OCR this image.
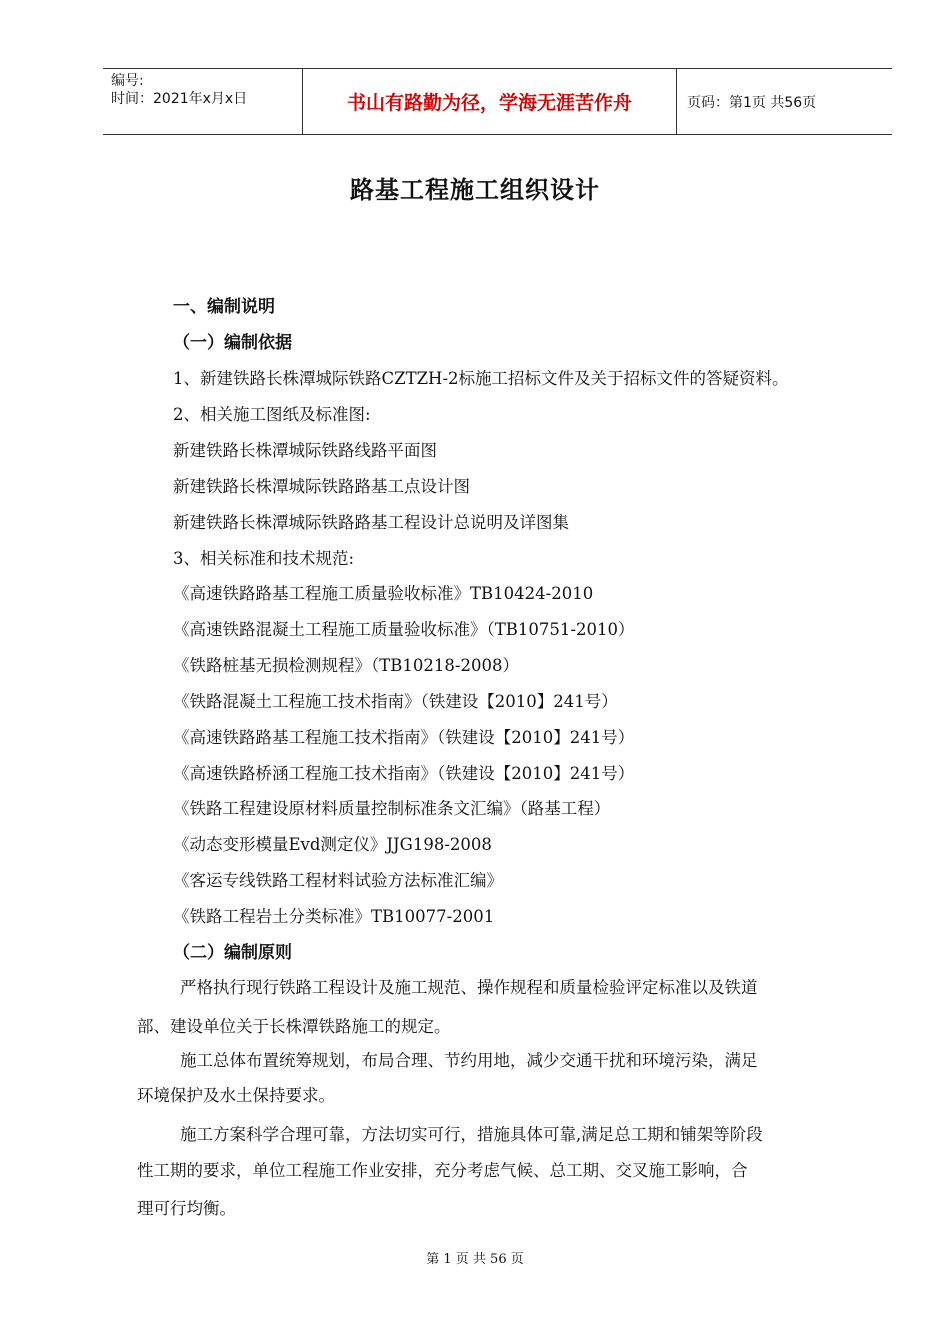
编号:
时间：2021年x月x日	书山有路勤为径，学海无涯苦作舟	页码：第1页 共56页
路基工程施工组织设计
一、编制说明
（一）编制依据
1、新建铁路长株潭城际铁路CZTZH-2标施工招标文件及关于招标文件的答疑资料。
2、相关施工图纸及标准图:
新建铁路长株潭城际铁路线路平面图
新建铁路长株潭城际铁路路基工点设计图
新建铁路长株潭城际铁路路基工程设计总说明及详图集
3、相关标准和技术规范:
《高速铁路路基工程施工质量验收标准》TB10424-2010
《高速铁路混凝土工程施工质量验收标准》（TB10751-2010）
《铁路桩基无损检测规程》（TB10218-2008）
《铁路混凝土工程施工技术指南》（铁建设【2010】241号）
《高速铁路路基工程施工技术指南》（铁建设【2010】241号）
《高速铁路桥涵工程施工技术指南》（铁建设【2010】241号）
《铁路工程建设原材料质量控制标准条文汇编》（路基工程）
《动态变形模量Evd测定仪》JJG198-2008
《客运专线铁路工程材料试验方法标准汇编》
《铁路工程岩土分类标准》TB10077-2001
（二）编制原则
严格执行现行铁路工程设计及施工规范、操作规程和质量检验评定标准以及铁道
部、建设单位关于长株潭铁路施工的规定。
施工总体布置统筹规划，布局合理、节约用地，减少交通干扰和环境污染，满足
环境保护及水土保持要求。
施工方案科学合理可靠，方法切实可行，措施具体可靠,满足总工期和铺架等阶段
性工期的要求，单位工程施工作业安排，充分考虑气候、总工期、交叉施工影响，合
理可行均衡。
第 1 页 共 56 页
